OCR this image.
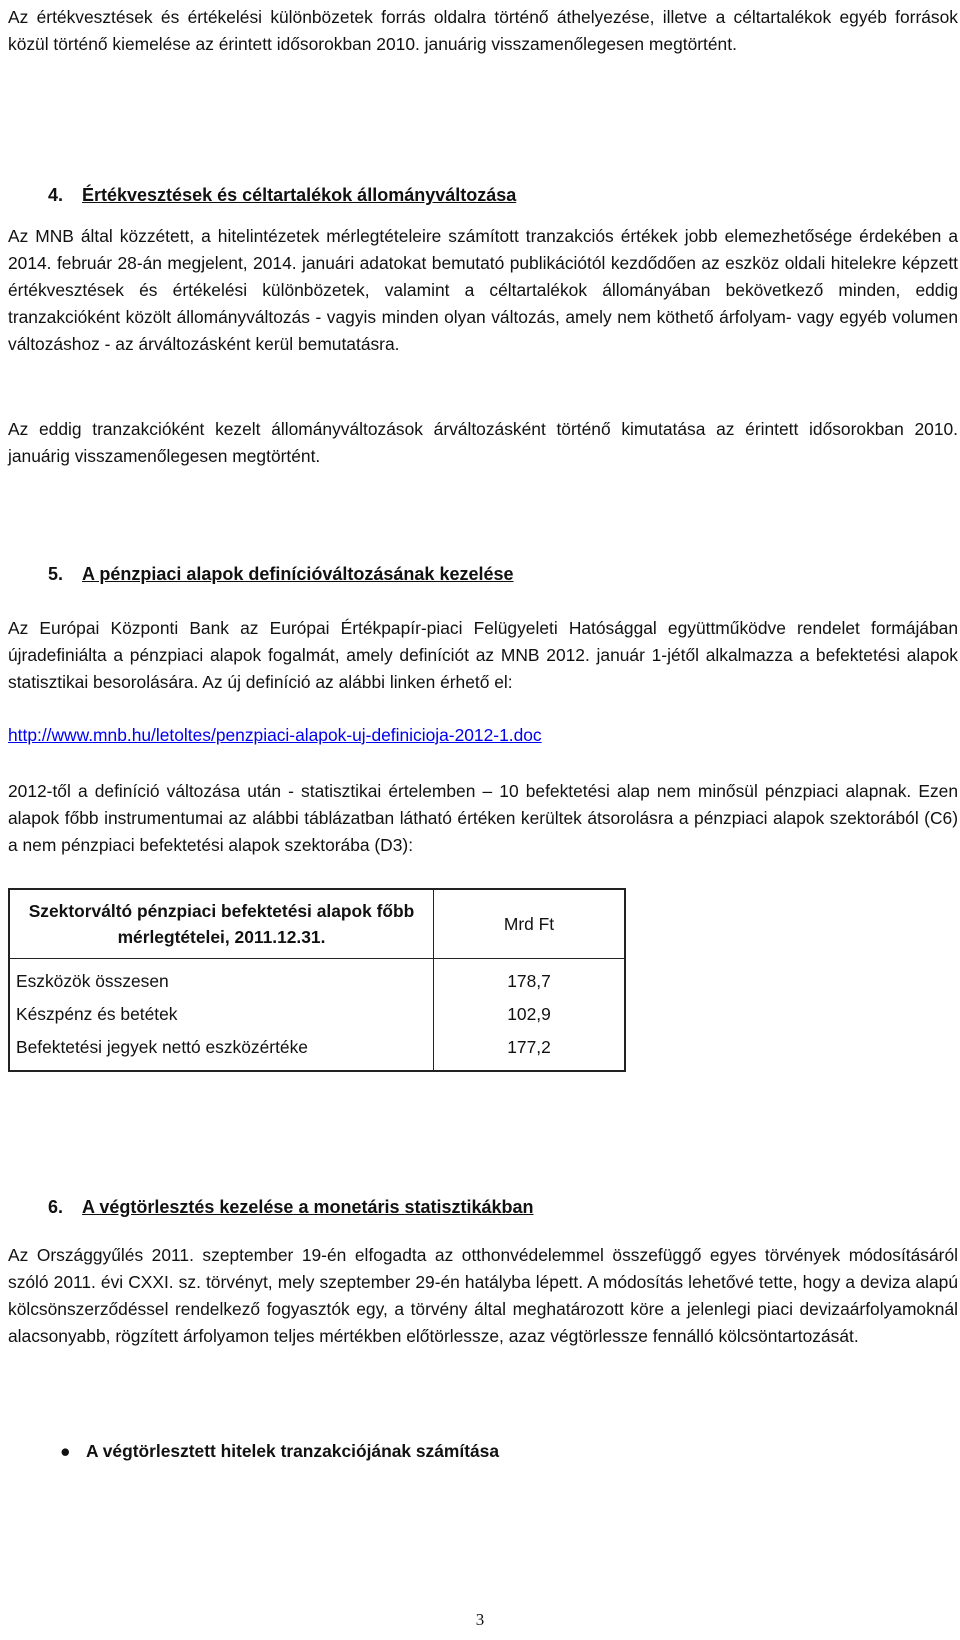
Az értékvesztések és értékelési különbözetek forrás oldalra történő áthelyezése, illetve a céltartalékok egyéb források közül történő kiemelése az érintett idősorokban 2010. januárig visszamenőlegesen megtörtént.

4. Értékvesztések és céltartalékok állományváltozása

Az MNB által közzétett, a hitelintézetek mérlegtételeire számított tranzakciós értékek jobb elemezhetősége érdekében a 2014. február 28-án megjelent, 2014. januári adatokat bemutató publikációtól kezdődően az eszköz oldali hitelekre képzett értékvesztések és értékelési különbözetek, valamint a céltartalékok állományában bekövetkező minden, eddig tranzakcióként közölt állományváltozás - vagyis minden olyan változás, amely nem köthető árfolyam- vagy egyéb volumen változáshoz - az árváltozásként kerül bemutatásra.

Az eddig tranzakcióként kezelt állományváltozások árváltozásként történő kimutatása az érintett idősorokban 2010. januárig visszamenőlegesen megtörtént.

5. A pénzpiaci alapok definícióváltozásának kezelése

Az Európai Központi Bank az Európai Értékpapír-piaci Felügyeleti Hatósággal együttműködve rendelet formájában újradefiniálta a pénzpiaci alapok fogalmát, amely definíciót az MNB 2012. január 1-jétől alkalmazza a befektetési alapok statisztikai besorolására. Az új definíció az alábbi linken érhető el:

http://www.mnb.hu/letoltes/penzpiaci-alapok-uj-definicioja-2012-1.doc

2012-től a definíció változása után - statisztikai értelemben – 10 befektetési alap nem minősül pénzpiaci alapnak. Ezen alapok főbb instrumentumai az alábbi táblázatban látható értéken kerültek átsorolásra a pénzpiaci alapok szektorából (C6) a nem pénzpiaci befektetési alapok szektorába (D3):

Szektorváltó pénzpiaci befektetési alapok főbb mérlegtételei, 2011.12.31.	Mrd Ft
Eszközök összesen	178,7
Készpénz és betétek	102,9
Befektetési jegyek nettó eszközértéke	177,2
6. A végtörlesztés kezelése a monetáris statisztikákban

Az Országgyűlés 2011. szeptember 19-én elfogadta az otthonvédelemmel összefüggő egyes törvények módosításáról szóló 2011. évi CXXI. sz. törvényt, mely szeptember 29-én hatályba lépett. A módosítás lehetővé tette, hogy a deviza alapú kölcsönszerződéssel rendelkező fogyasztók egy, a törvény által meghatározott köre a jelenlegi piaci devizaárfolyamoknál alacsonyabb, rögzített árfolyamon teljes mértékben előtörlessze, azaz végtörlessze fennálló kölcsöntartozását.

● A végtörlesztett hitelek tranzakciójának számítása
3
